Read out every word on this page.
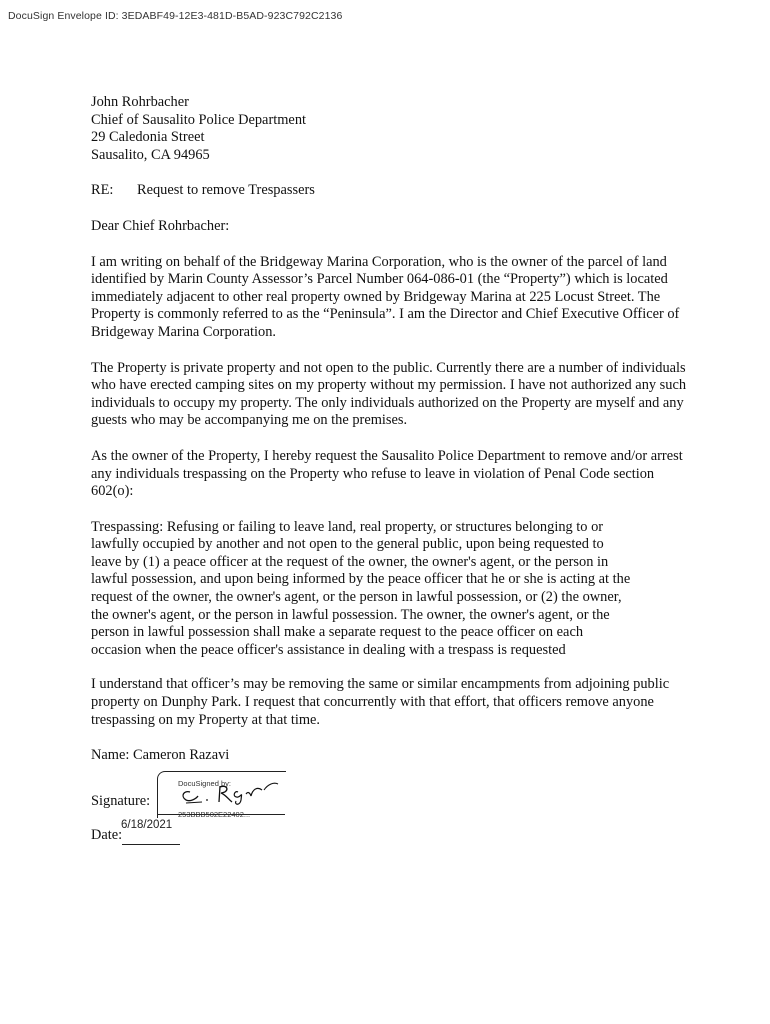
DocuSign Envelope ID: 3EDABF49-12E3-481D-B5AD-923C792C2136
John Rohrbacher
Chief of Sausalito Police Department
29 Caledonia Street
Sausalito, CA 94965

RE: Request to remove Trespassers

Dear Chief Rohrbacher:

I am writing on behalf of the Bridgeway Marina Corporation, who is the owner of the parcel of land identified by Marin County Assessor’s Parcel Number 064-086-01 (the “Property”) which is located immediately adjacent to other real property owned by Bridgeway Marina at 225 Locust Street. The Property is commonly referred to as the “Peninsula”. I am the Director and Chief Executive Officer of Bridgeway Marina Corporation.

The Property is private property and not open to the public. Currently there are a number of individuals who have erected camping sites on my property without my permission. I have not authorized any such individuals to occupy my property. The only individuals authorized on the Property are myself and any guests who may be accompanying me on the premises.

As the owner of the Property, I hereby request the Sausalito Police Department to remove and/or arrest any individuals trespassing on the Property who refuse to leave in violation of Penal Code section 602(o):

Trespassing: Refusing or failing to leave land, real property, or structures belonging to or lawfully occupied by another and not open to the general public, upon being requested to leave by (1) a peace officer at the request of the owner, the owner's agent, or the person in lawful possession, and upon being informed by the peace officer that he or she is acting at the request of the owner, the owner's agent, or the person in lawful possession, or (2) the owner, the owner's agent, or the person in lawful possession. The owner, the owner's agent, or the person in lawful possession shall make a separate request to the peace officer on each occasion when the peace officer's assistance in dealing with a trespass is requested

I understand that officer’s may be removing the same or similar encampments from adjoining public property on Dunphy Park. I request that concurrently with that effort, that officers remove anyone trespassing on my Property at that time.

Name: Cameron Razavi

Signature:
DocuSigned by:
253BBB502E22402...

Date:
6/18/2021
